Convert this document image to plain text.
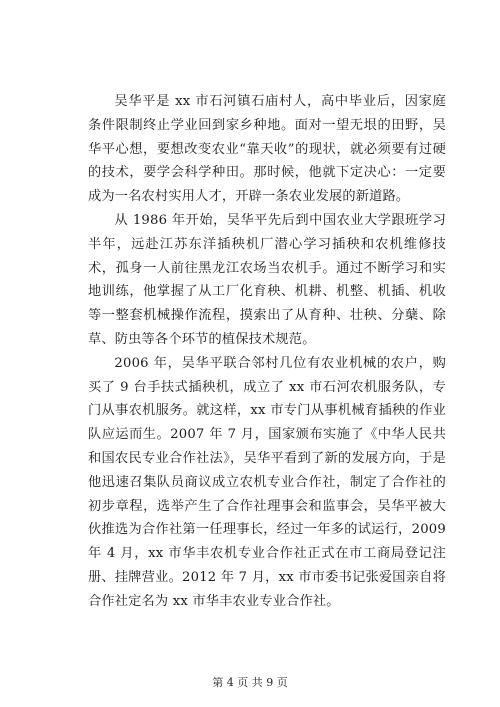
吴华平是 xx 市石河镇石庙村人，高中毕业后，因家庭条件限制终止学业回到家乡种地。面对一望无垠的田野，吴华平心想，要想改变农业“靠天收”的现状，就必须要有过硬的技术，要学会科学种田。那时候，他就下定决心：一定要成为一名农村实用人才，开辟一条农业发展的新道路。

从 1986 年开始，吴华平先后到中国农业大学跟班学习半年，远赴江苏东洋插秧机厂潜心学习插秧和农机维修技术，孤身一人前往黑龙江农场当农机手。通过不断学习和实地训练，他掌握了从工厂化育秧、机耕、机整、机插、机收等一整套机械操作流程，摸索出了从育种、壮秧、分蘖、除草、防虫等各个环节的植保技术规范。

2006 年，吴华平联合邻村几位有农业机械的农户，购买了 9 台手扶式插秧机，成立了 xx 市石河农机服务队，专门从事农机服务。就这样，xx 市专门从事机械育插秧的作业队应运而生。2007 年 7 月，国家颁布实施了《中华人民共和国农民专业合作社法》，吴华平看到了新的发展方向，于是他迅速召集队员商议成立农机专业合作社，制定了合作社的初步章程，选举产生了合作社理事会和监事会，吴华平被大伙推选为合作社第一任理事长，经过一年多的试运行，2009 年 4 月，xx 市华丰农机专业合作社正式在市工商局登记注册、挂牌营业。2012 年 7 月，xx 市市委书记张爱国亲自将合作社定名为 xx 市华丰农业专业合作社。

第 4 页 共 9 页
